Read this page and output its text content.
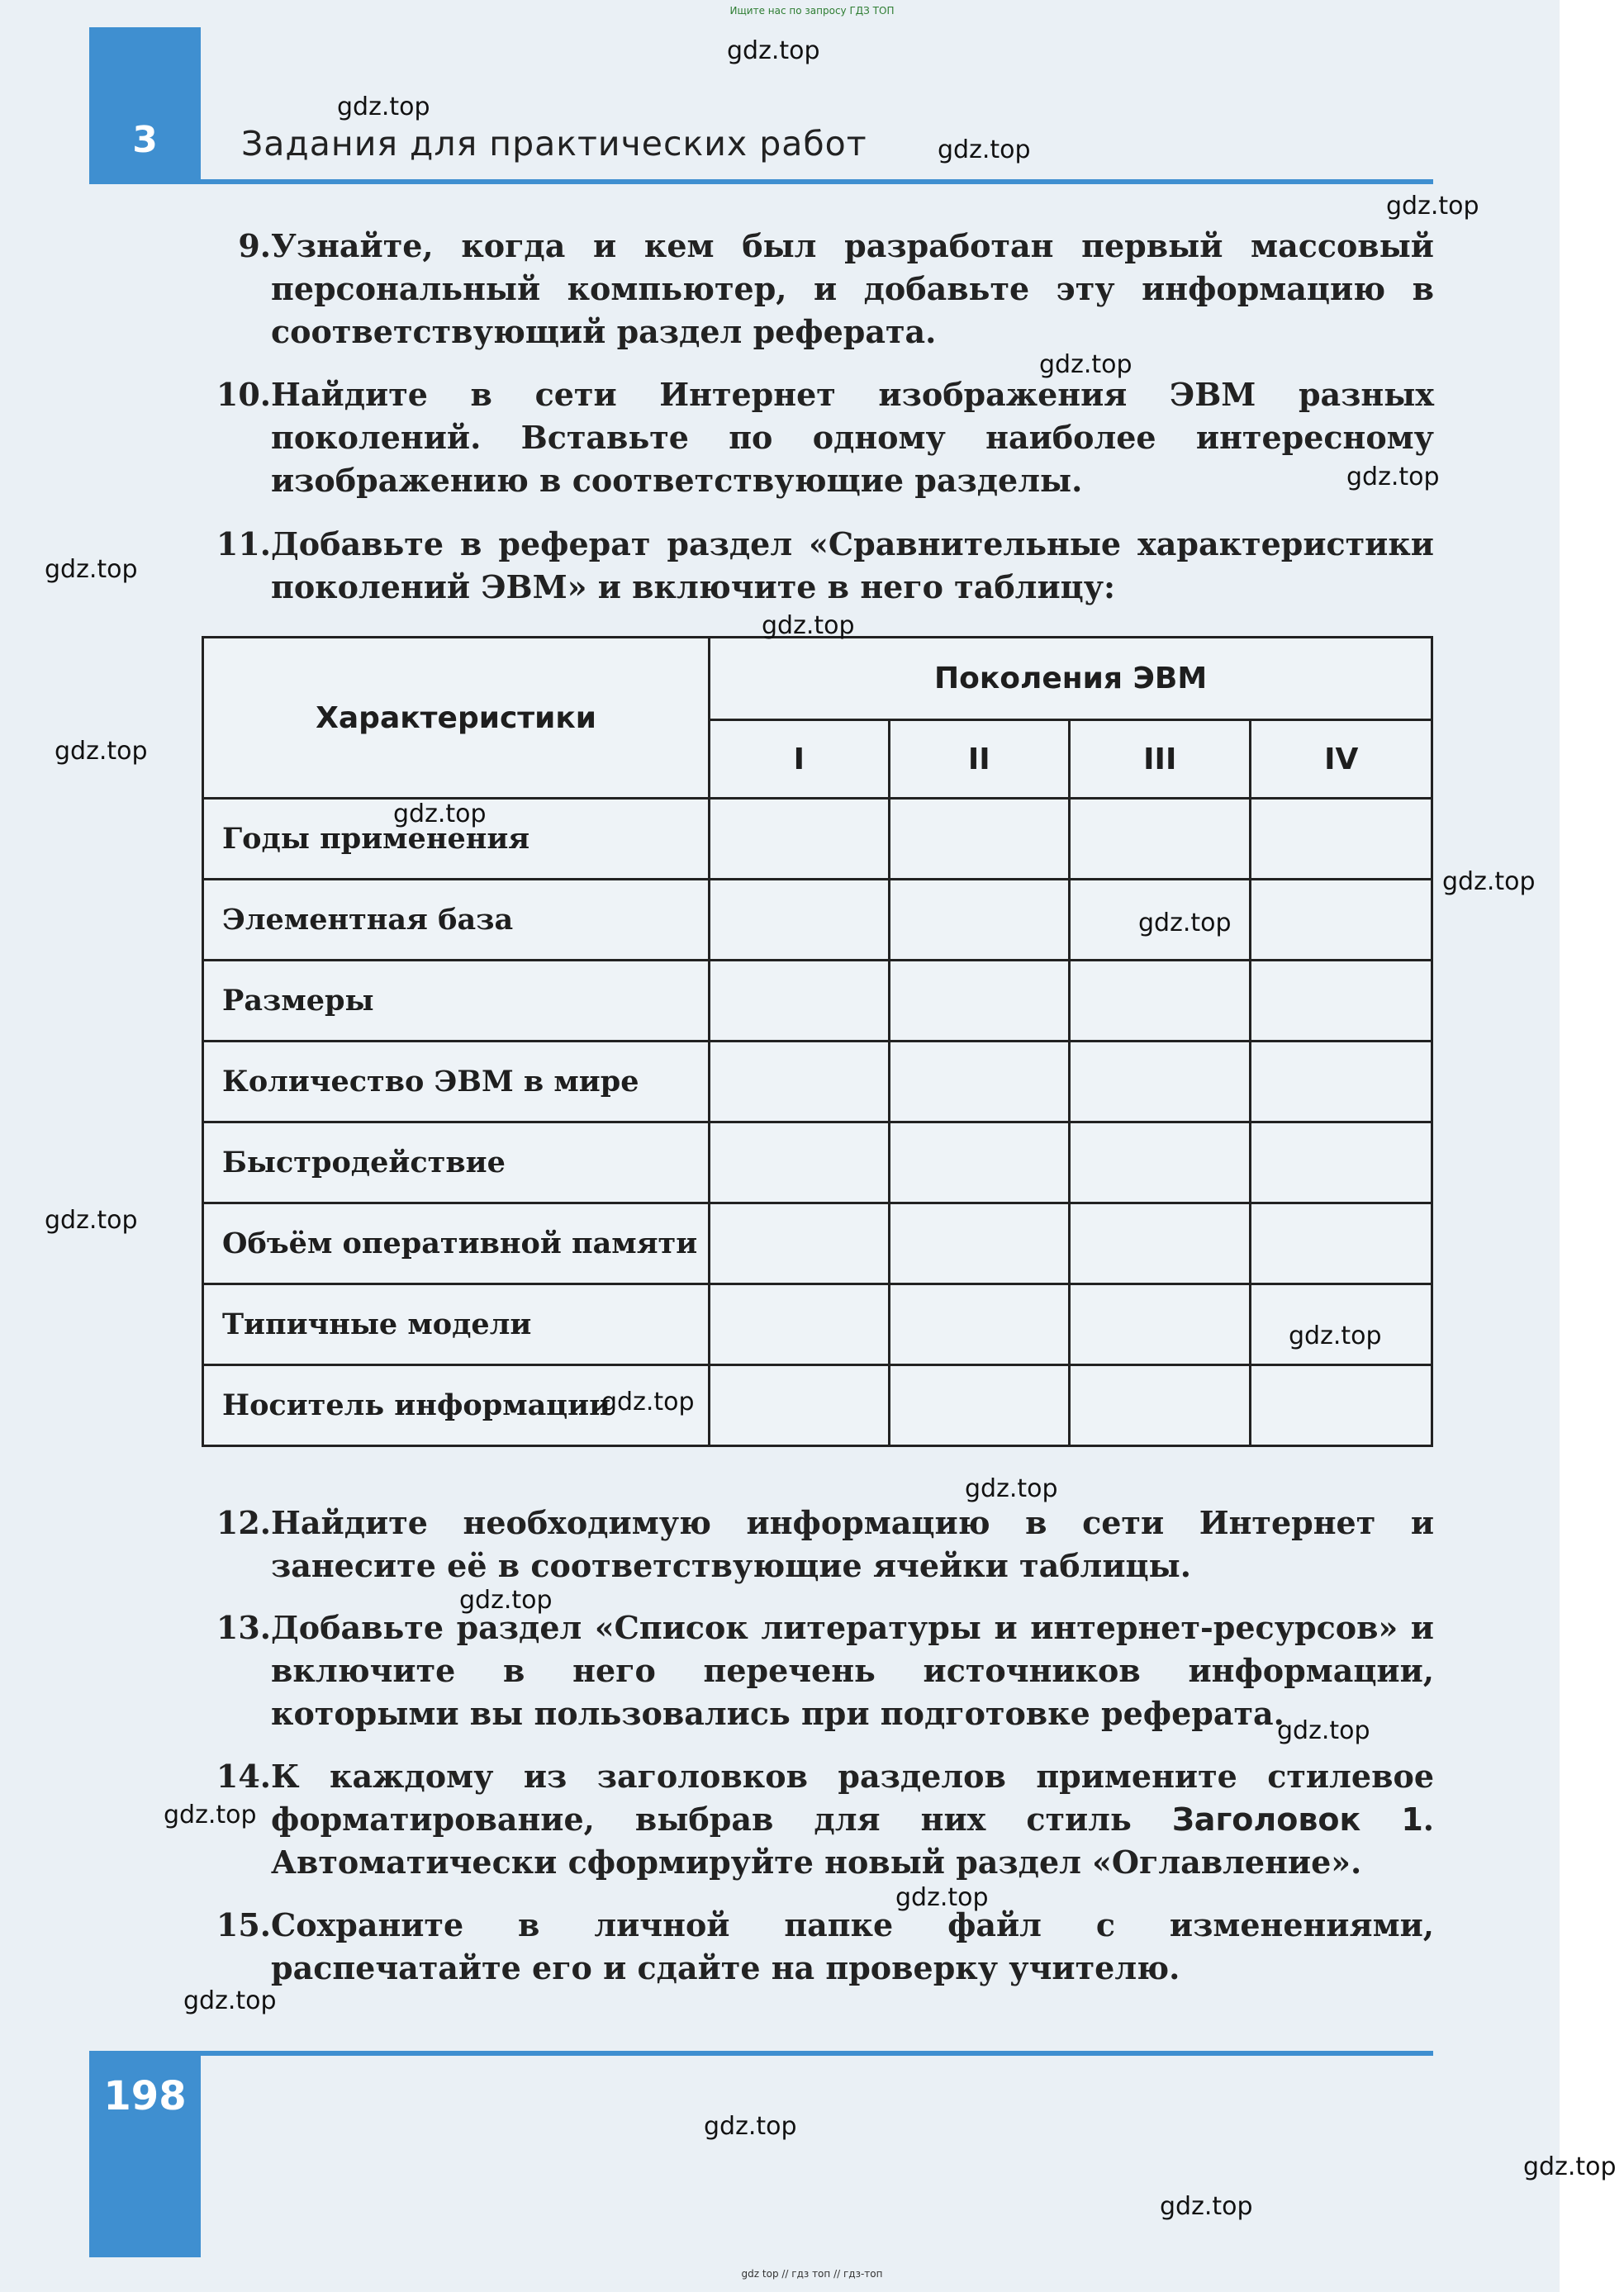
Ищите нас по запросу ГДЗ ТОП
3	Задания для практических работ
9. Узнайте, когда и кем был разработан первый массовый персональный компьютер, и добавьте эту информацию в соответствующий раздел реферата.
10. Найдите в сети Интернет изображения ЭВМ разных поколений. Вставьте по одному наиболее интересному изображению в соответствующие разделы.
11. Добавьте в реферат раздел «Сравнительные характеристики поколений ЭВМ» и включите в него таблицу:
Характеристики	Поколения ЭВМ			
	I	II	III	IV
Годы применения				
Элементная база				
Размеры				
Количество ЭВМ в мире				
Быстродействие				
Объём оперативной памяти				
Типичные модели				
Носитель информации				
12. Найдите необходимую информацию в сети Интернет и занесите её в соответствующие ячейки таблицы.
13. Добавьте раздел «Список литературы и интернет-ресурсов» и включите в него перечень источников информации, которыми вы пользовались при подготовке реферата.
14. К каждому из заголовков разделов примените стилевое форматирование, выбрав для них стиль Заголовок 1. Автоматически сформируйте новый раздел «Оглавление».
15. Сохраните в личной папке файл с изменениями, распечатайте его и сдайте на проверку учителю.
198
gdz.top
gdz.top
gdz.top
gdz.top
gdz.top
gdz.top
gdz.top
gdz.top
gdz.top
gdz.top
gdz.top
gdz.top
gdz.top
gdz.top
gdz.top
gdz.top
gdz.top
gdz.top
gdz.top
gdz.top
gdz.top
gdz.top
gdz.top
gdz.top
gdz top // гдз топ // гдз-топ
